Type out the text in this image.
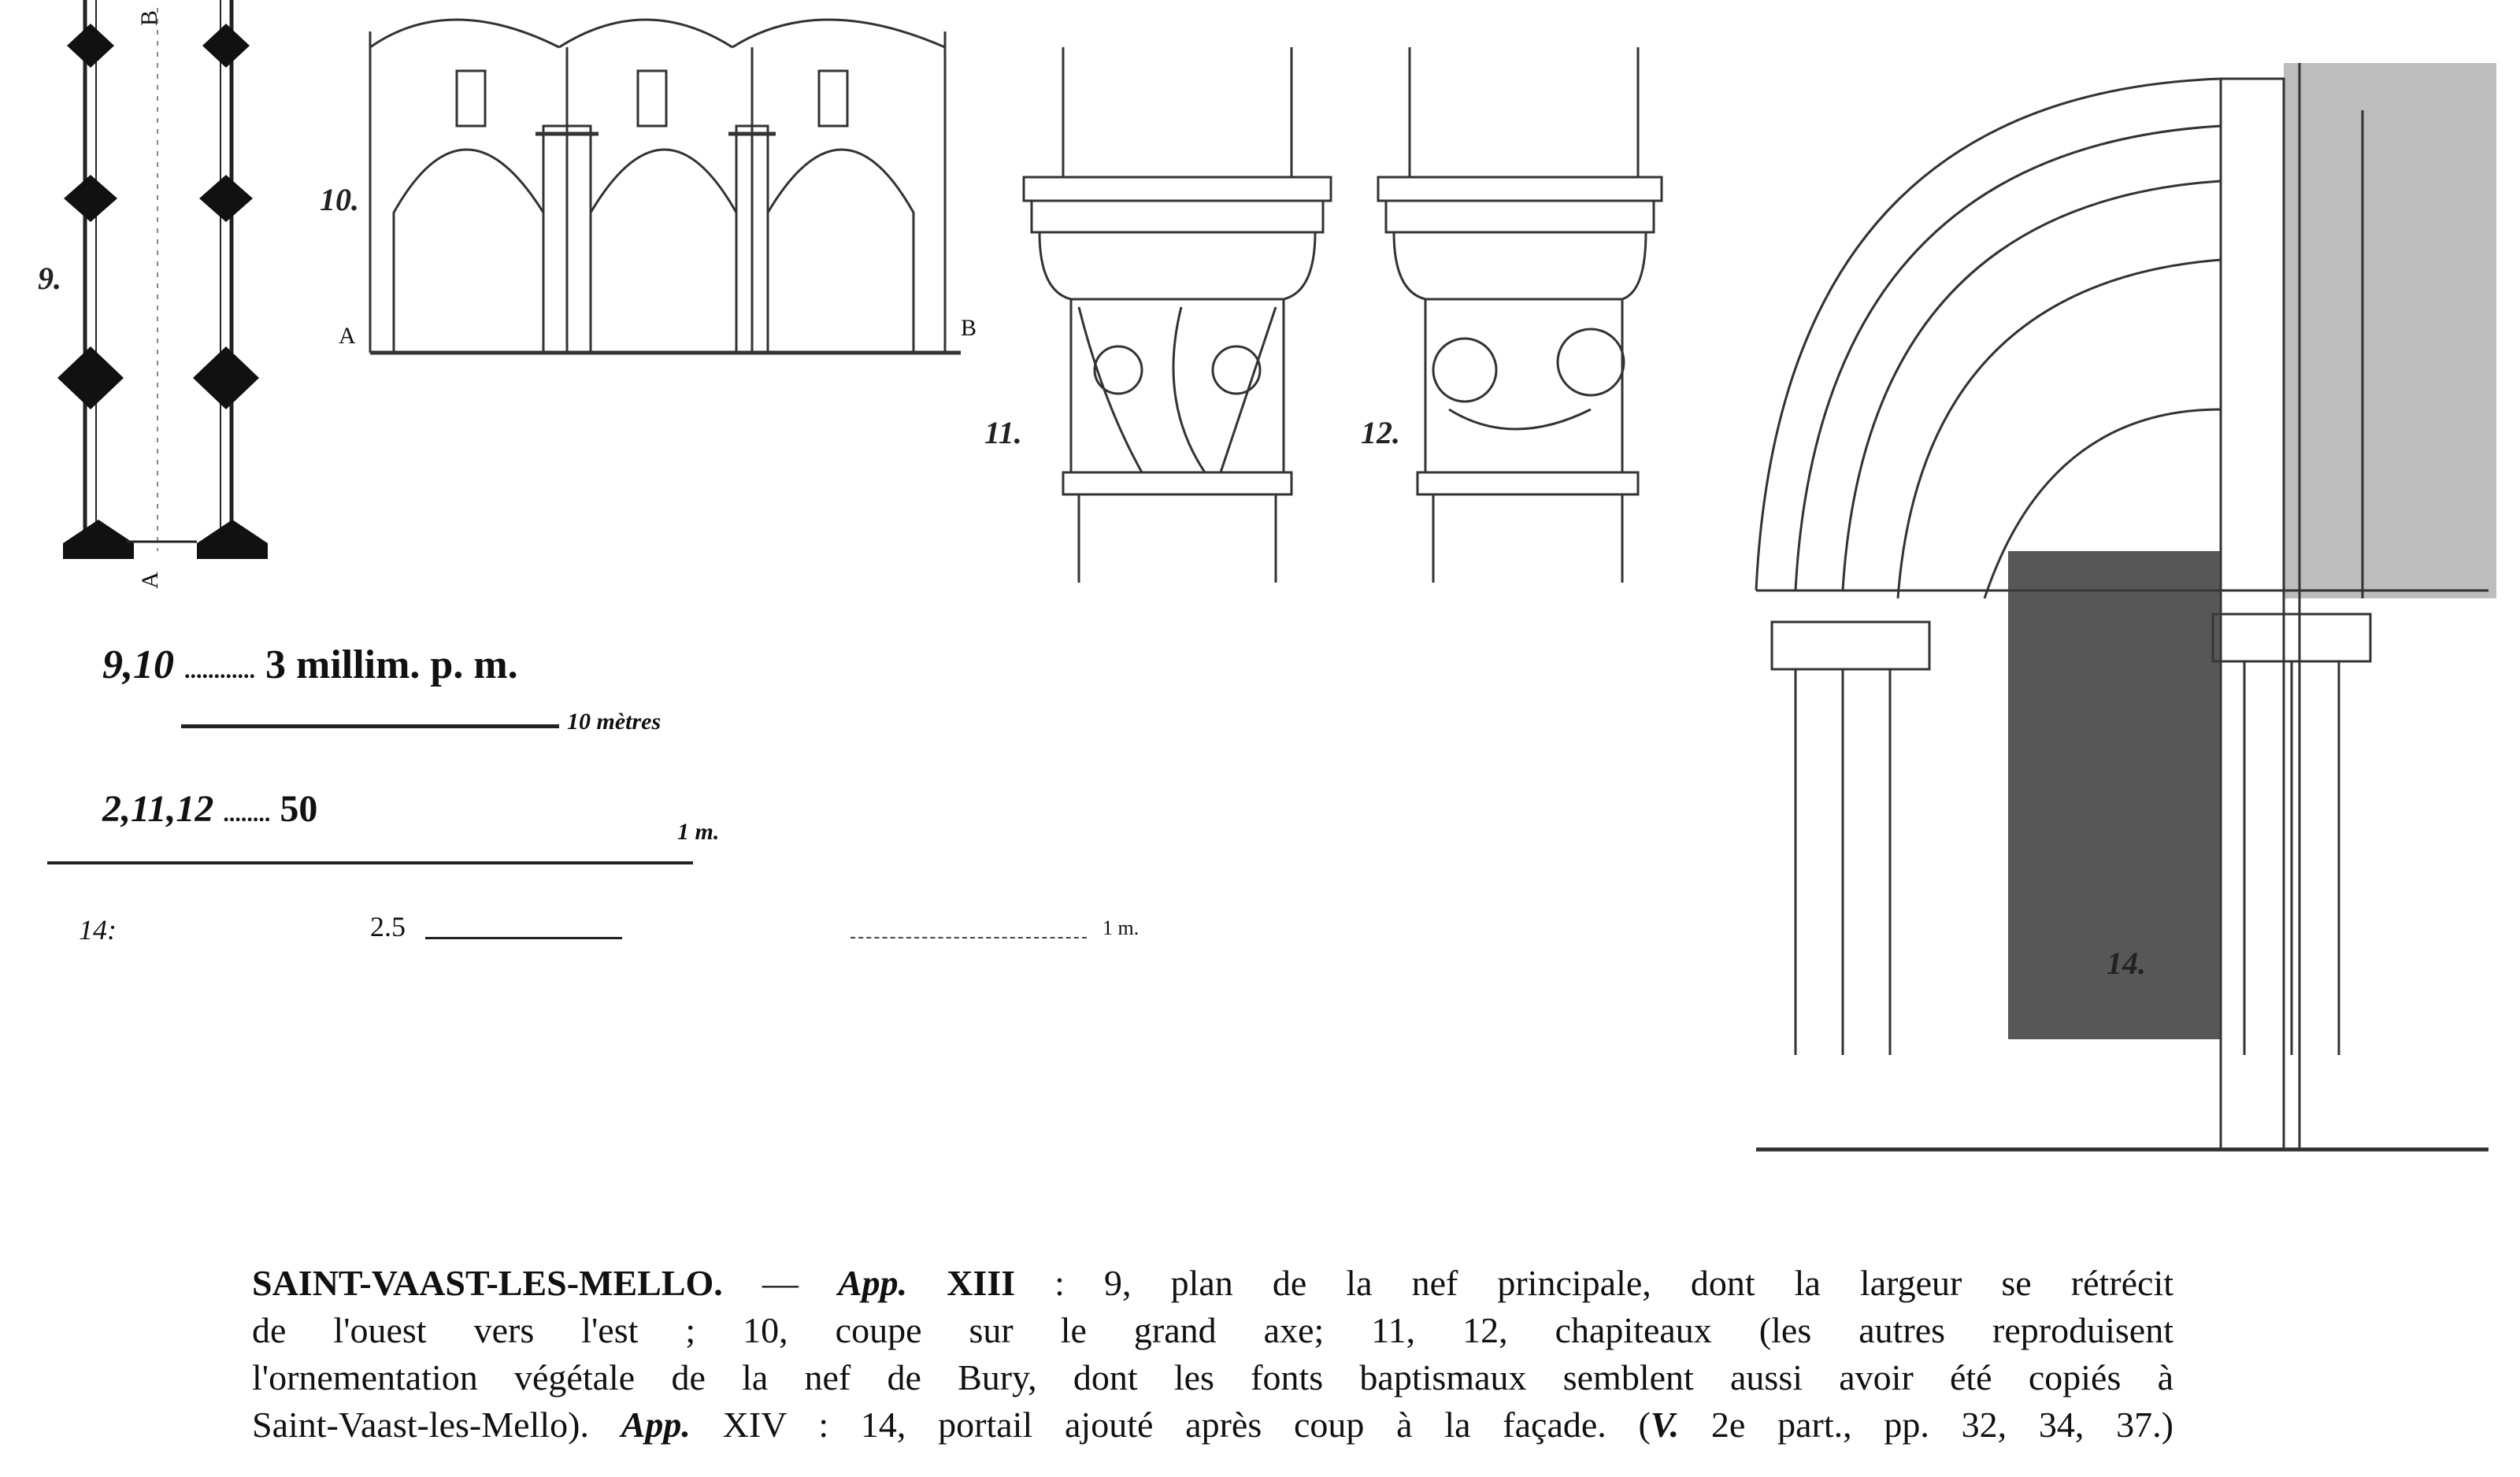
9.
A
B
10.
A	B
11.	12.
14.
9,10 ............ 3 millim. p. m.
10 mètres
2,11,12 ........ 50
1 m.
14:	2.5	1 m.
SAINT-VAAST-LES-MELLO. — App. XIII : 9, plan de la nef principale, dont la largeur se rétrécit
de l'ouest vers l'est ; 10, coupe sur le grand axe; 11, 12, chapiteaux (les autres reproduisent
l'ornementation végétale de la nef de Bury, dont les fonts baptismaux semblent aussi avoir été copiés à
Saint-Vaast-les-Mello). App. XIV : 14, portail ajouté après coup à la façade. (V. 2e part., pp. 32, 34, 37.)
